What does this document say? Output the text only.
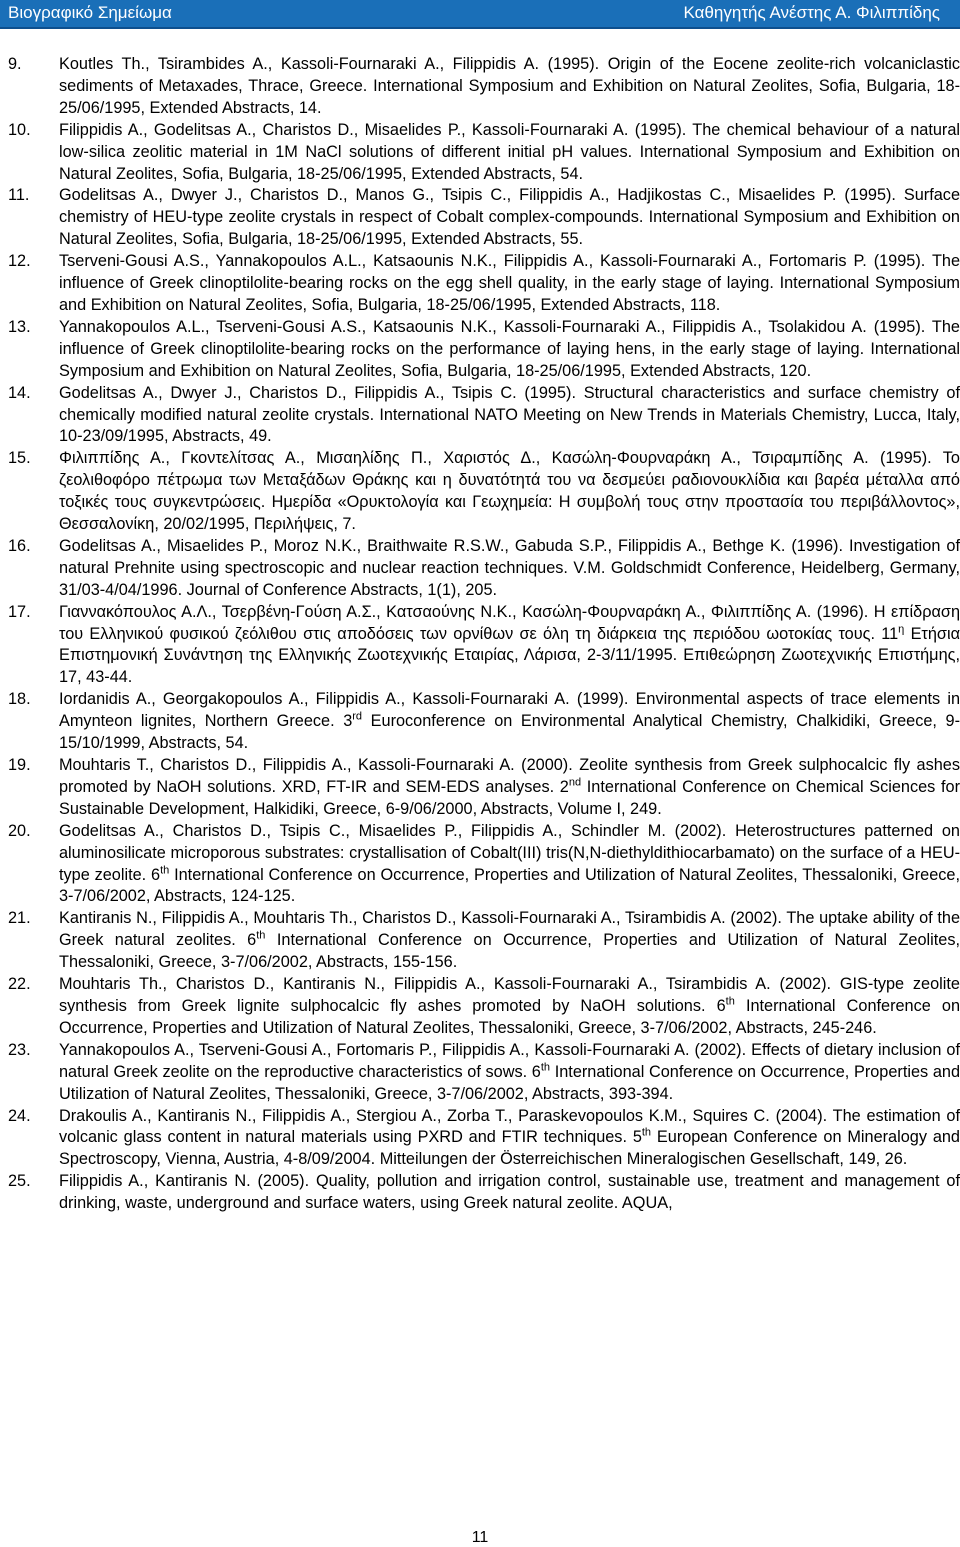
Βιογραφικό Σημείωμα	Καθηγητής Ανέστης Α. Φιλιππίδης
9. Koutles Th., Tsirambides A., Kassoli-Fournaraki A., Filippidis A. (1995). Origin of the Eocene zeolite-rich volcaniclastic sediments of Metaxades, Thrace, Greece. International Symposium and Exhibition on Natural Zeolites, Sofia, Bulgaria, 18-25/06/1995, Extended Abstracts, 14.
10. Filippidis A., Godelitsas A., Charistos D., Misaelides P., Kassoli-Fournaraki A. (1995). The chemical behaviour of a natural low-silica zeolitic material in 1M NaCl solutions of different initial pH values. International Symposium and Exhibition on Natural Zeolites, Sofia, Bulgaria, 18-25/06/1995, Extended Abstracts, 54.
11. Godelitsas A., Dwyer J., Charistos D., Manos G., Tsipis C., Filippidis A., Hadjikostas C., Misaelides P. (1995). Surface chemistry of HEU-type zeolite crystals in respect of Cobalt complex-compounds. International Symposium and Exhibition on Natural Zeolites, Sofia, Bulgaria, 18-25/06/1995, Extended Abstracts, 55.
12. Tserveni-Gousi A.S., Yannakopoulos A.L., Katsaounis N.K., Filippidis A., Kassoli-Fournaraki A., Fortomaris P. (1995). The influence of Greek clinoptilolite-bearing rocks on the egg shell quality, in the early stage of laying. International Symposium and Exhibition on Natural Zeolites, Sofia, Bulgaria, 18-25/06/1995, Extended Abstracts, 118.
13. Yannakopoulos A.L., Tserveni-Gousi A.S., Katsaounis N.K., Kassoli-Fournaraki A., Filippidis A., Tsolakidou A. (1995). The influence of Greek clinoptilolite-bearing rocks on the performance of laying hens, in the early stage of laying. International Symposium and Exhibition on Natural Zeolites, Sofia, Bulgaria, 18-25/06/1995, Extended Abstracts, 120.
14. Godelitsas A., Dwyer J., Charistos D., Filippidis A., Tsipis C. (1995). Structural characteristics and surface chemistry of chemically modified natural zeolite crystals. International NATO Meeting on New Trends in Materials Chemistry, Lucca, Italy, 10-23/09/1995, Abstracts, 49.
15. Φιλιππίδης Α., Γκοντελίτσας Α., Μισαηλίδης Π., Χαριστός Δ., Κασώλη-Φουρναράκη Α., Τσιραμπίδης Α. (1995). Το ζεολιθοφόρο πέτρωμα των Μεταξάδων Θράκης και η δυνατότητά του να δεσμεύει ραδιονουκλίδια και βαρέα μέταλλα από τοξικές τους συγκεντρώσεις. Ημερίδα «Ορυκτολογία και Γεωχημεία: Η συμβολή τους στην προστασία του περιβάλλοντος», Θεσσαλονίκη, 20/02/1995, Περιλήψεις, 7.
16. Godelitsas A., Misaelides P., Moroz N.K., Braithwaite R.S.W., Gabuda S.P., Filippidis A., Bethge K. (1996). Investigation of natural Prehnite using spectroscopic and nuclear reaction techniques. V.M. Goldschmidt Conference, Heidelberg, Germany, 31/03-4/04/1996. Journal of Conference Abstracts, 1(1), 205.
17. Γιαννακόπουλος Α.Λ., Τσερβένη-Γούση Α.Σ., Κατσαούνης Ν.Κ., Κασώλη-Φουρναράκη Α., Φιλιππίδης Α. (1996). Η επίδραση του Ελληνικού φυσικού ζεόλιθου στις αποδόσεις των ορνίθων σε όλη τη διάρκεια της περιόδου ωοτοκίας τους. $11^\eta$ Ετήσια Επιστημονική Συνάντηση της Ελληνικής Ζωοτεχνικής Εταιρίας, Λάρισα, 2-3/11/1995. Επιθεώρηση Ζωοτεχνικής Επιστήμης, 17, 43-44.
18. Iordanidis A., Georgakopoulos A., Filippidis A., Kassoli-Fournaraki A. (1999). Environmental aspects of trace elements in Amynteon lignites, Northern Greece. 3rd Euroconference on Environmental Analytical Chemistry, Chalkidiki, Greece, 9-15/10/1999, Abstracts, 54.
19. Mouhtaris T., Charistos D., Filippidis A., Kassoli-Fournaraki A. (2000). Zeolite synthesis from Greek sulphocalcic fly ashes promoted by NaOH solutions. XRD, FT-IR and SEM-EDS analyses. 2nd International Conference on Chemical Sciences for Sustainable Development, Halkidiki, Greece, 6-9/06/2000, Abstracts, Volume I, 249.
20. Godelitsas A., Charistos D., Tsipis C., Misaelides P., Filippidis A., Schindler M. (2002). Heterostructures patterned on aluminosilicate microporous substrates: crystallisation of Cobalt(III) tris(N,N-diethyldithiocarbamato) on the surface of a HEU-type zeolite. 6th International Conference on Occurrence, Properties and Utilization of Natural Zeolites, Thessaloniki, Greece, 3-7/06/2002, Abstracts, 124-125.
21. Kantiranis N., Filippidis A., Mouhtaris Th., Charistos D., Kassoli-Fournaraki A., Tsirambidis A. (2002). The uptake ability of the Greek natural zeolites. 6th International Conference on Occurrence, Properties and Utilization of Natural Zeolites, Thessaloniki, Greece, 3-7/06/2002, Abstracts, 155-156.
22. Mouhtaris Th., Charistos D., Kantiranis N., Filippidis A., Kassoli-Fournaraki A., Tsirambidis A. (2002). GIS-type zeolite synthesis from Greek lignite sulphocalcic fly ashes promoted by NaOH solutions. 6th International Conference on Occurrence, Properties and Utilization of Natural Zeolites, Thessaloniki, Greece, 3-7/06/2002, Abstracts, 245-246.
23. Yannakopoulos A., Tserveni-Gousi A., Fortomaris P., Filippidis A., Kassoli-Fournaraki A. (2002). Effects of dietary inclusion of natural Greek zeolite on the reproductive characteristics of sows. 6th International Conference on Occurrence, Properties and Utilization of Natural Zeolites, Thessaloniki, Greece, 3-7/06/2002, Abstracts, 393-394.
24. Drakoulis A., Kantiranis N., Filippidis A., Stergiou A., Zorba T., Paraskevopoulos K.M., Squires C. (2004). The estimation of volcanic glass content in natural materials using PXRD and FTIR techniques. 5th European Conference on Mineralogy and Spectroscopy, Vienna, Austria, 4-8/09/2004. Mitteilungen der Österreichischen Mineralogischen Gesellschaft, 149, 26.
25. Filippidis A., Kantiranis N. (2005). Quality, pollution and irrigation control, sustainable use, treatment and management of drinking, waste, underground and surface waters, using Greek natural zeolite. AQUA,
11
